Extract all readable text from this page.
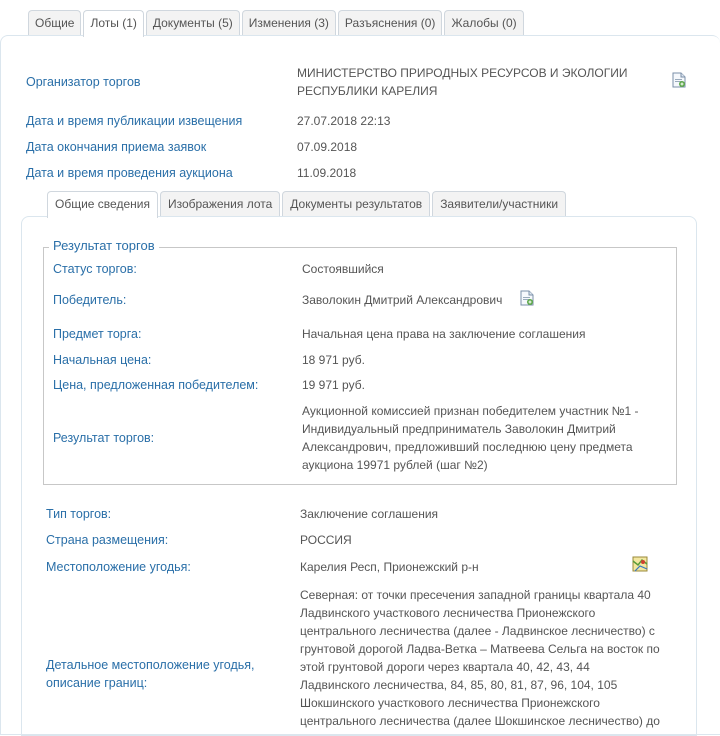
Общие	Лоты (1)	Документы (5)	Изменения (3)	Разъяснения (0)	Жалобы (0)
Организатор торгов
МИНИСТЕРСТВО ПРИРОДНЫХ РЕСУРСОВ И ЭКОЛОГИИ
РЕСПУБЛИКИ КАРЕЛИЯ
Дата и время публикации извещения	27.07.2018 22:13
Дата окончания приема заявок	07.09.2018
Дата и время проведения аукциона	11.09.2018
Общие сведения	Изображения лота	Документы результатов	Заявители/участники
Результат торгов
Статус торгов:	Состоявшийся
Победитель:	Заволокин Дмитрий Александрович
Предмет торга:	Начальная цена права на заключение соглашения
Начальная цена:	18 971 руб.
Цена, предложенная победителем:	19 971 руб.
Результат торгов:
Аукционной комиссией признан победителем участник №1 -
Индивидуальный предприниматель Заволокин Дмитрий
Александрович, предложивший последнюю цену предмета
аукциона 19971 рублей (шаг №2)
Тип торгов:	Заключение соглашения
Страна размещения:	РОССИЯ
Местоположение угодья:	Карелия Респ, Прионежский р-н
Детальное местоположение угодья,
описание границ:
Северная: от точки пресечения западной границы квартала 40
Ладвинского участкового лесничества Прионежского
центрального лесничества (далее - Ладвинское лесничество) с
грунтовой дорогой Ладва-Ветка – Матвеева Сельга на восток по
этой грунтовой дороги через квартала 40, 42, 43, 44
Ладвинского лесничества, 84, 85, 80, 81, 87, 96, 104, 105
Шокшинского участкового лесничества Прионежского
центрального лесничества (далее Шокшинское лесничество) до
